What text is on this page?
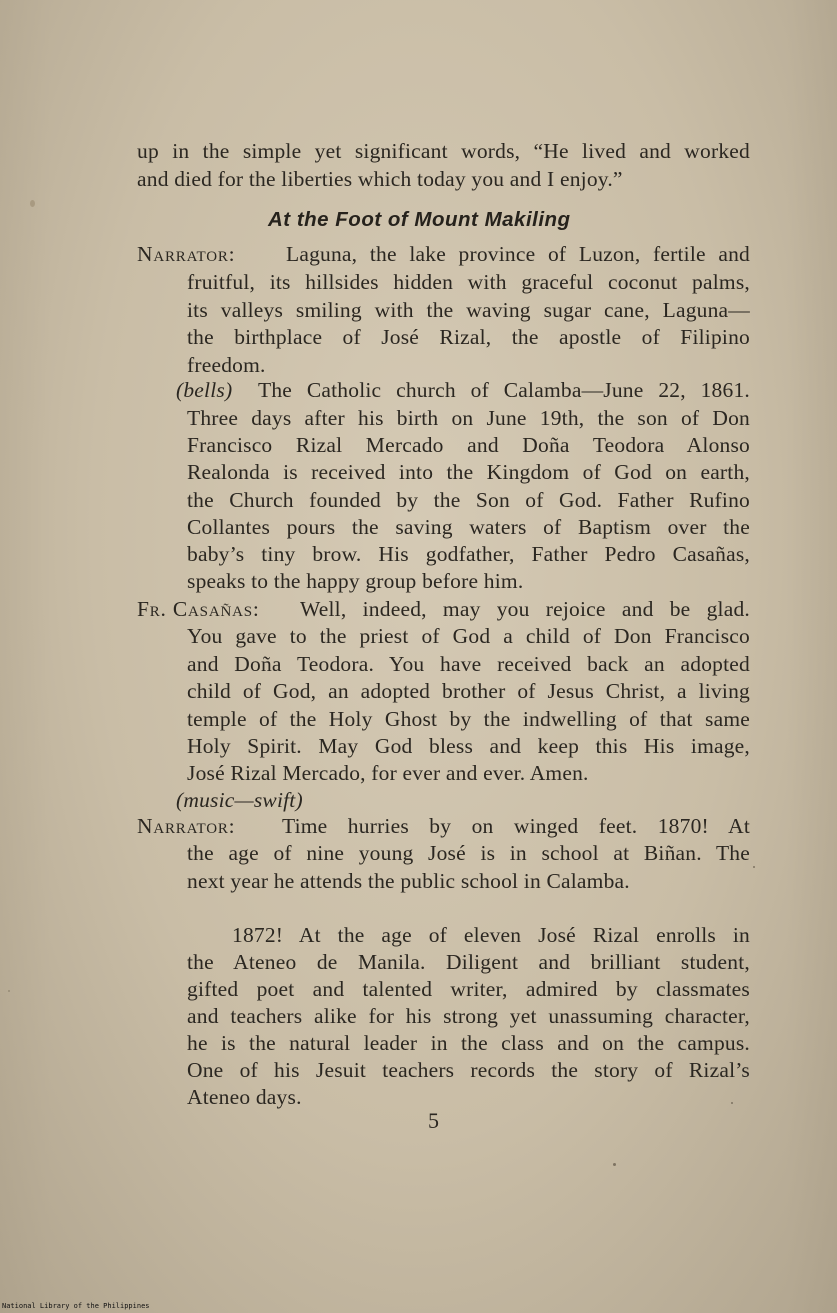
up in the simple yet significant words, “He lived and worked
and died for the liberties which today you and I enjoy.”
At the Foot of Mount Makiling
Narrator: Laguna, the lake province of Luzon, fertile and
fruitful, its hillsides hidden with graceful coconut palms,
its valleys smiling with the waving sugar cane, Laguna—
the birthplace of José Rizal, the apostle of Filipino
freedom.
(bells) The Catholic church of Calamba—June 22, 1861.
Three days after his birth on June 19th, the son of Don
Francisco Rizal Mercado and Doña Teodora Alonso
Realonda is received into the Kingdom of God on earth,
the Church founded by the Son of God. Father Rufino
Collantes pours the saving waters of Baptism over the
baby’s tiny brow. His godfather, Father Pedro Casañas,
speaks to the happy group before him.
Fr. Casañas: Well, indeed, may you rejoice and be glad.
You gave to the priest of God a child of Don Francisco
and Doña Teodora. You have received back an adopted
child of God, an adopted brother of Jesus Christ, a living
temple of the Holy Ghost by the indwelling of that same
Holy Spirit. May God bless and keep this His image,
José Rizal Mercado, for ever and ever. Amen.
(music—swift)
Narrator: Time hurries by on winged feet. 1870! At
the age of nine young José is in school at Biñan. The
next year he attends the public school in Calamba.
1872! At the age of eleven José Rizal enrolls in
the Ateneo de Manila. Diligent and brilliant student,
gifted poet and talented writer, admired by classmates
and teachers alike for his strong yet unassuming character,
he is the natural leader in the class and on the campus.
One of his Jesuit teachers records the story of Rizal’s
Ateneo days.
5
National Library of the Philippines
